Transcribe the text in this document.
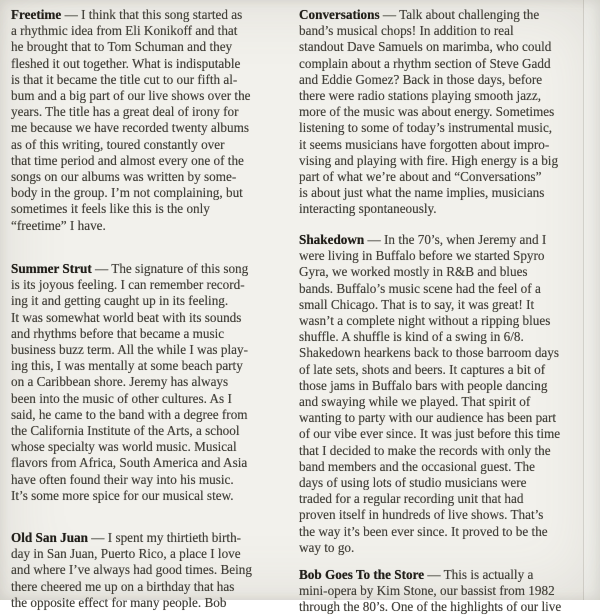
Freetime — I think that this song started as
a rhythmic idea from Eli Konikoff and that
he brought that to Tom Schuman and they
fleshed it out together. What is indisputable
is that it became the title cut to our fifth al-
bum and a big part of our live shows over the
years. The title has a great deal of irony for
me because we have recorded twenty albums
as of this writing, toured constantly over
that time period and almost every one of the
songs on our albums was written by some-
body in the group. I’m not complaining, but
sometimes it feels like this is the only
“freetime” I have.
Summer Strut — The signature of this song
is its joyous feeling. I can remember record-
ing it and getting caught up in its feeling.
It was somewhat world beat with its sounds
and rhythms before that became a music
business buzz term. All the while I was play-
ing this, I was mentally at some beach party
on a Caribbean shore. Jeremy has always
been into the music of other cultures. As I
said, he came to the band with a degree from
the California Institute of the Arts, a school
whose specialty was world music. Musical
flavors from Africa, South America and Asia
have often found their way into his music.
It’s some more spice for our musical stew.
Old San Juan — I spent my thirtieth birth-
day in San Juan, Puerto Rico, a place I love
and where I’ve always had good times. Being
there cheered me up on a birthday that has
the opposite effect for many people. Bob
Conversations — Talk about challenging the
band’s musical chops! In addition to real
standout Dave Samuels on marimba, who could
complain about a rhythm section of Steve Gadd
and Eddie Gomez? Back in those days, before
there were radio stations playing smooth jazz,
more of the music was about energy. Sometimes
listening to some of today’s instrumental music,
it seems musicians have forgotten about impro-
vising and playing with fire. High energy is a big
part of what we’re about and “Conversations”
is about just what the name implies, musicians
interacting spontaneously.
Shakedown — In the 70’s, when Jeremy and I
were living in Buffalo before we started Spyro
Gyra, we worked mostly in R&B and blues
bands. Buffalo’s music scene had the feel of a
small Chicago. That is to say, it was great! It
wasn’t a complete night without a ripping blues
shuffle. A shuffle is kind of a swing in 6/8.
Shakedown hearkens back to those barroom days
of late sets, shots and beers. It captures a bit of
those jams in Buffalo bars with people dancing
and swaying while we played. That spirit of
wanting to party with our audience has been part
of our vibe ever since. It was just before this time
that I decided to make the records with only the
band members and the occasional guest. The
days of using lots of studio musicians were
traded for a regular recording unit that had
proven itself in hundreds of live shows. That’s
the way it’s been ever since. It proved to be the
way to go.
Bob Goes To the Store — This is actually a
mini-opera by Kim Stone, our bassist from 1982
through the 80’s. One of the highlights of our live
